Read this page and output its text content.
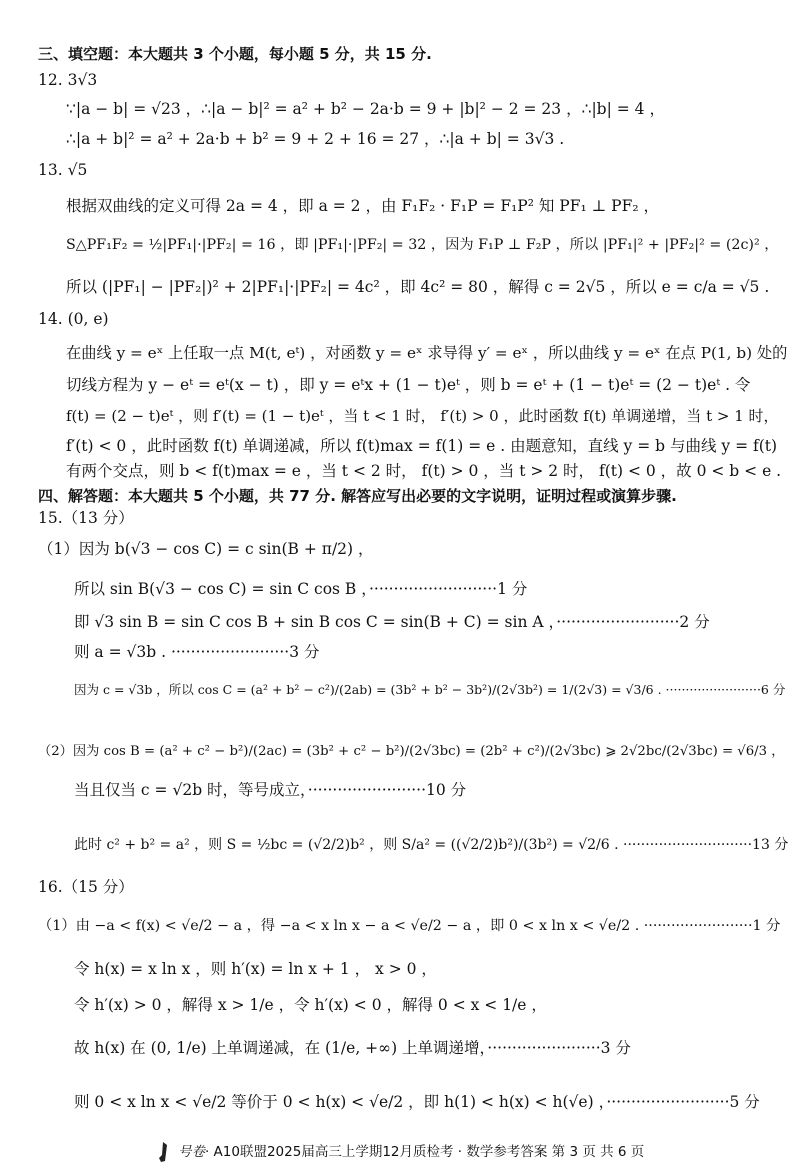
三、填空题：本大题共 3 个小题，每小题 5 分，共 15 分.
12. 3√3
∵|a − b| = √23 ，∴|a − b|² = a² + b² − 2a·b = 9 + |b|² − 2 = 23 ，∴|b| = 4 ，
∴|a + b|² = a² + 2a·b + b² = 9 + 2 + 16 = 27 ，∴|a + b| = 3√3 .
13. √5
根据双曲线的定义可得 2a = 4 ，即 a = 2 ，由 F₁F₂ · F₁P = F₁P² 知 PF₁ ⊥ PF₂ ，
S△PF₁F₂ = ½|PF₁|·|PF₂| = 16 ，即 |PF₁|·|PF₂| = 32 ，因为 F₁P ⊥ F₂P ，所以 |PF₁|² + |PF₂|² = (2c)² ，
所以 (|PF₁| − |PF₂|)² + 2|PF₁|·|PF₂| = 4c² ，即 4c² = 80 ，解得 c = 2√5 ，所以 e = c/a = √5 .
14. (0, e)
在曲线 y = eˣ 上任取一点 M(t, eᵗ) ，对函数 y = eˣ 求导得 y′ = eˣ ，所以曲线 y = eˣ 在点 P(1, b) 处的
切线方程为 y − eᵗ = eᵗ(x − t) ，即 y = eᵗx + (1 − t)eᵗ ，则 b = eᵗ + (1 − t)eᵗ = (2 − t)eᵗ . 令
f(t) = (2 − t)eᵗ ，则 f′(t) = (1 − t)eᵗ ，当 t < 1 时， f′(t) > 0 ，此时函数 f(t) 单调递增，当 t > 1 时，
f′(t) < 0 ，此时函数 f(t) 单调递减，所以 f(t)max = f(1) = e . 由题意知，直线 y = b 与曲线 y = f(t)
有两个交点，则 b < f(t)max = e ，当 t < 2 时， f(t) > 0 ，当 t > 2 时， f(t) < 0 ，故 0 < b < e .
四、解答题：本大题共 5 个小题，共 77 分. 解答应写出必要的文字说明，证明过程或演算步骤.
15.（13 分）
（1）因为 b(√3 − cos C) = c sin(B + π/2) ，
所以 sin B(√3 − cos C) = sin C cos B ，··························1 分
即 √3 sin B = sin C cos B + sin B cos C = sin(B + C) = sin A ，·························2 分
则 a = √3b . ························3 分
因为 c = √3b ，所以 cos C = (a² + b² − c²)/(2ab) = (3b² + b² − 3b²)/(2√3b²) = 1/(2√3) = √3/6 . ························6 分
（2）因为 cos B = (a² + c² − b²)/(2ac) = (3b² + c² − b²)/(2√3bc) = (2b² + c²)/(2√3bc) ⩾ 2√2bc/(2√3bc) = √6/3 ，
当且仅当 c = √2b 时，等号成立，························10 分
此时 c² + b² = a² ，则 S = ½bc = (√2/2)b² ，则 S/a² = ((√2/2)b²)/(3b²) = √2/6 . ·····························13 分
16.（15 分）
（1）由 −a < f(x) < √e/2 − a ，得 −a < x ln x − a < √e/2 − a ，即 0 < x ln x < √e/2 . ························1 分
令 h(x) = x ln x ，则 h′(x) = ln x + 1 ， x > 0 ，
令 h′(x) > 0 ，解得 x > 1/e ，令 h′(x) < 0 ，解得 0 < x < 1/e ，
故 h(x) 在 (0, 1/e) 上单调递减，在 (1/e, +∞) 上单调递增，·······················3 分
则 0 < x ln x < √e/2 等价于 0 < h(x) < √e/2 ，即 h(1) < h(x) < h(√e) ，·························5 分
号卷· A10联盟2025届高三上学期12月质检考 · 数学参考答案 第 3 页 共 6 页
